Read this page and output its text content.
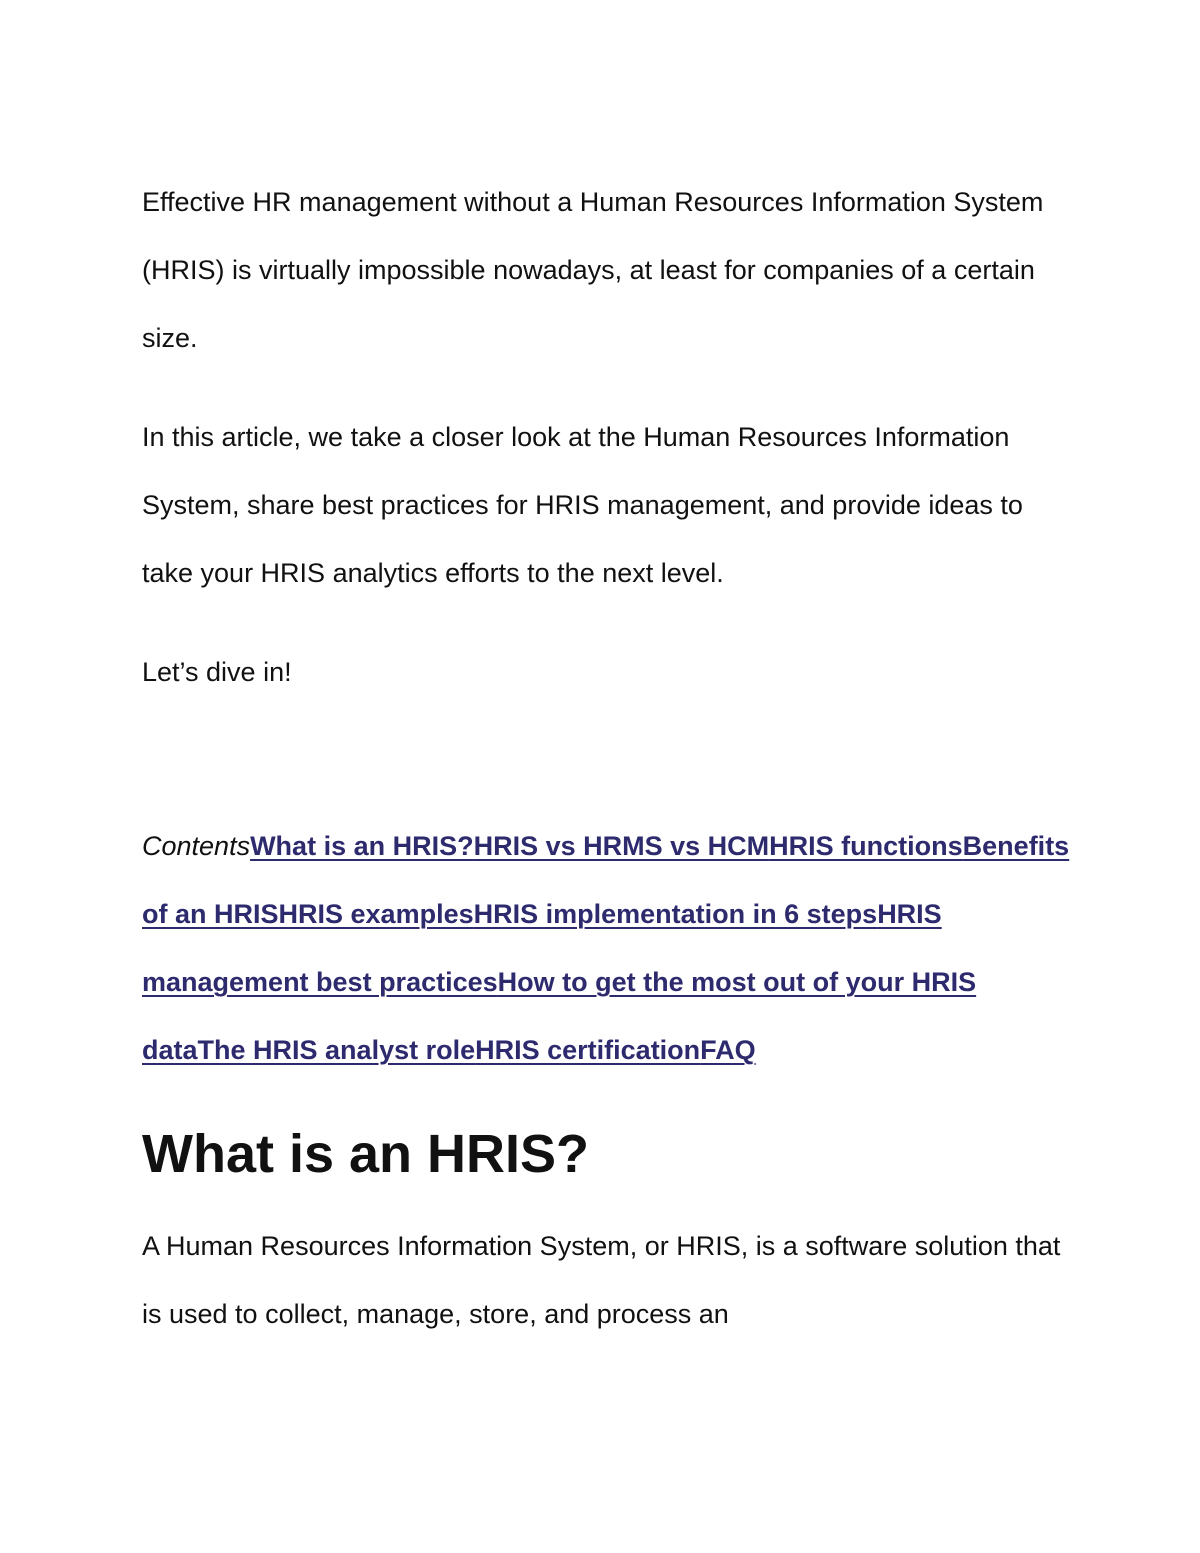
Effective HR management without a Human Resources Information System (HRIS) is virtually impossible nowadays, at least for companies of a certain size.

In this article, we take a closer look at the Human Resources Information System, share best practices for HRIS management, and provide ideas to take your HRIS analytics efforts to the next level.

Let’s dive in!

ContentsWhat is an HRIS?HRIS vs HRMS vs HCMHRIS functionsBenefits of an HRISHRIS examplesHRIS implementation in 6 stepsHRIS management best practicesHow to get the most out of your HRIS dataThe HRIS analyst roleHRIS certificationFAQ

What is an HRIS?

A Human Resources Information System, or HRIS, is a software solution that is used to collect, manage, store, and process an
